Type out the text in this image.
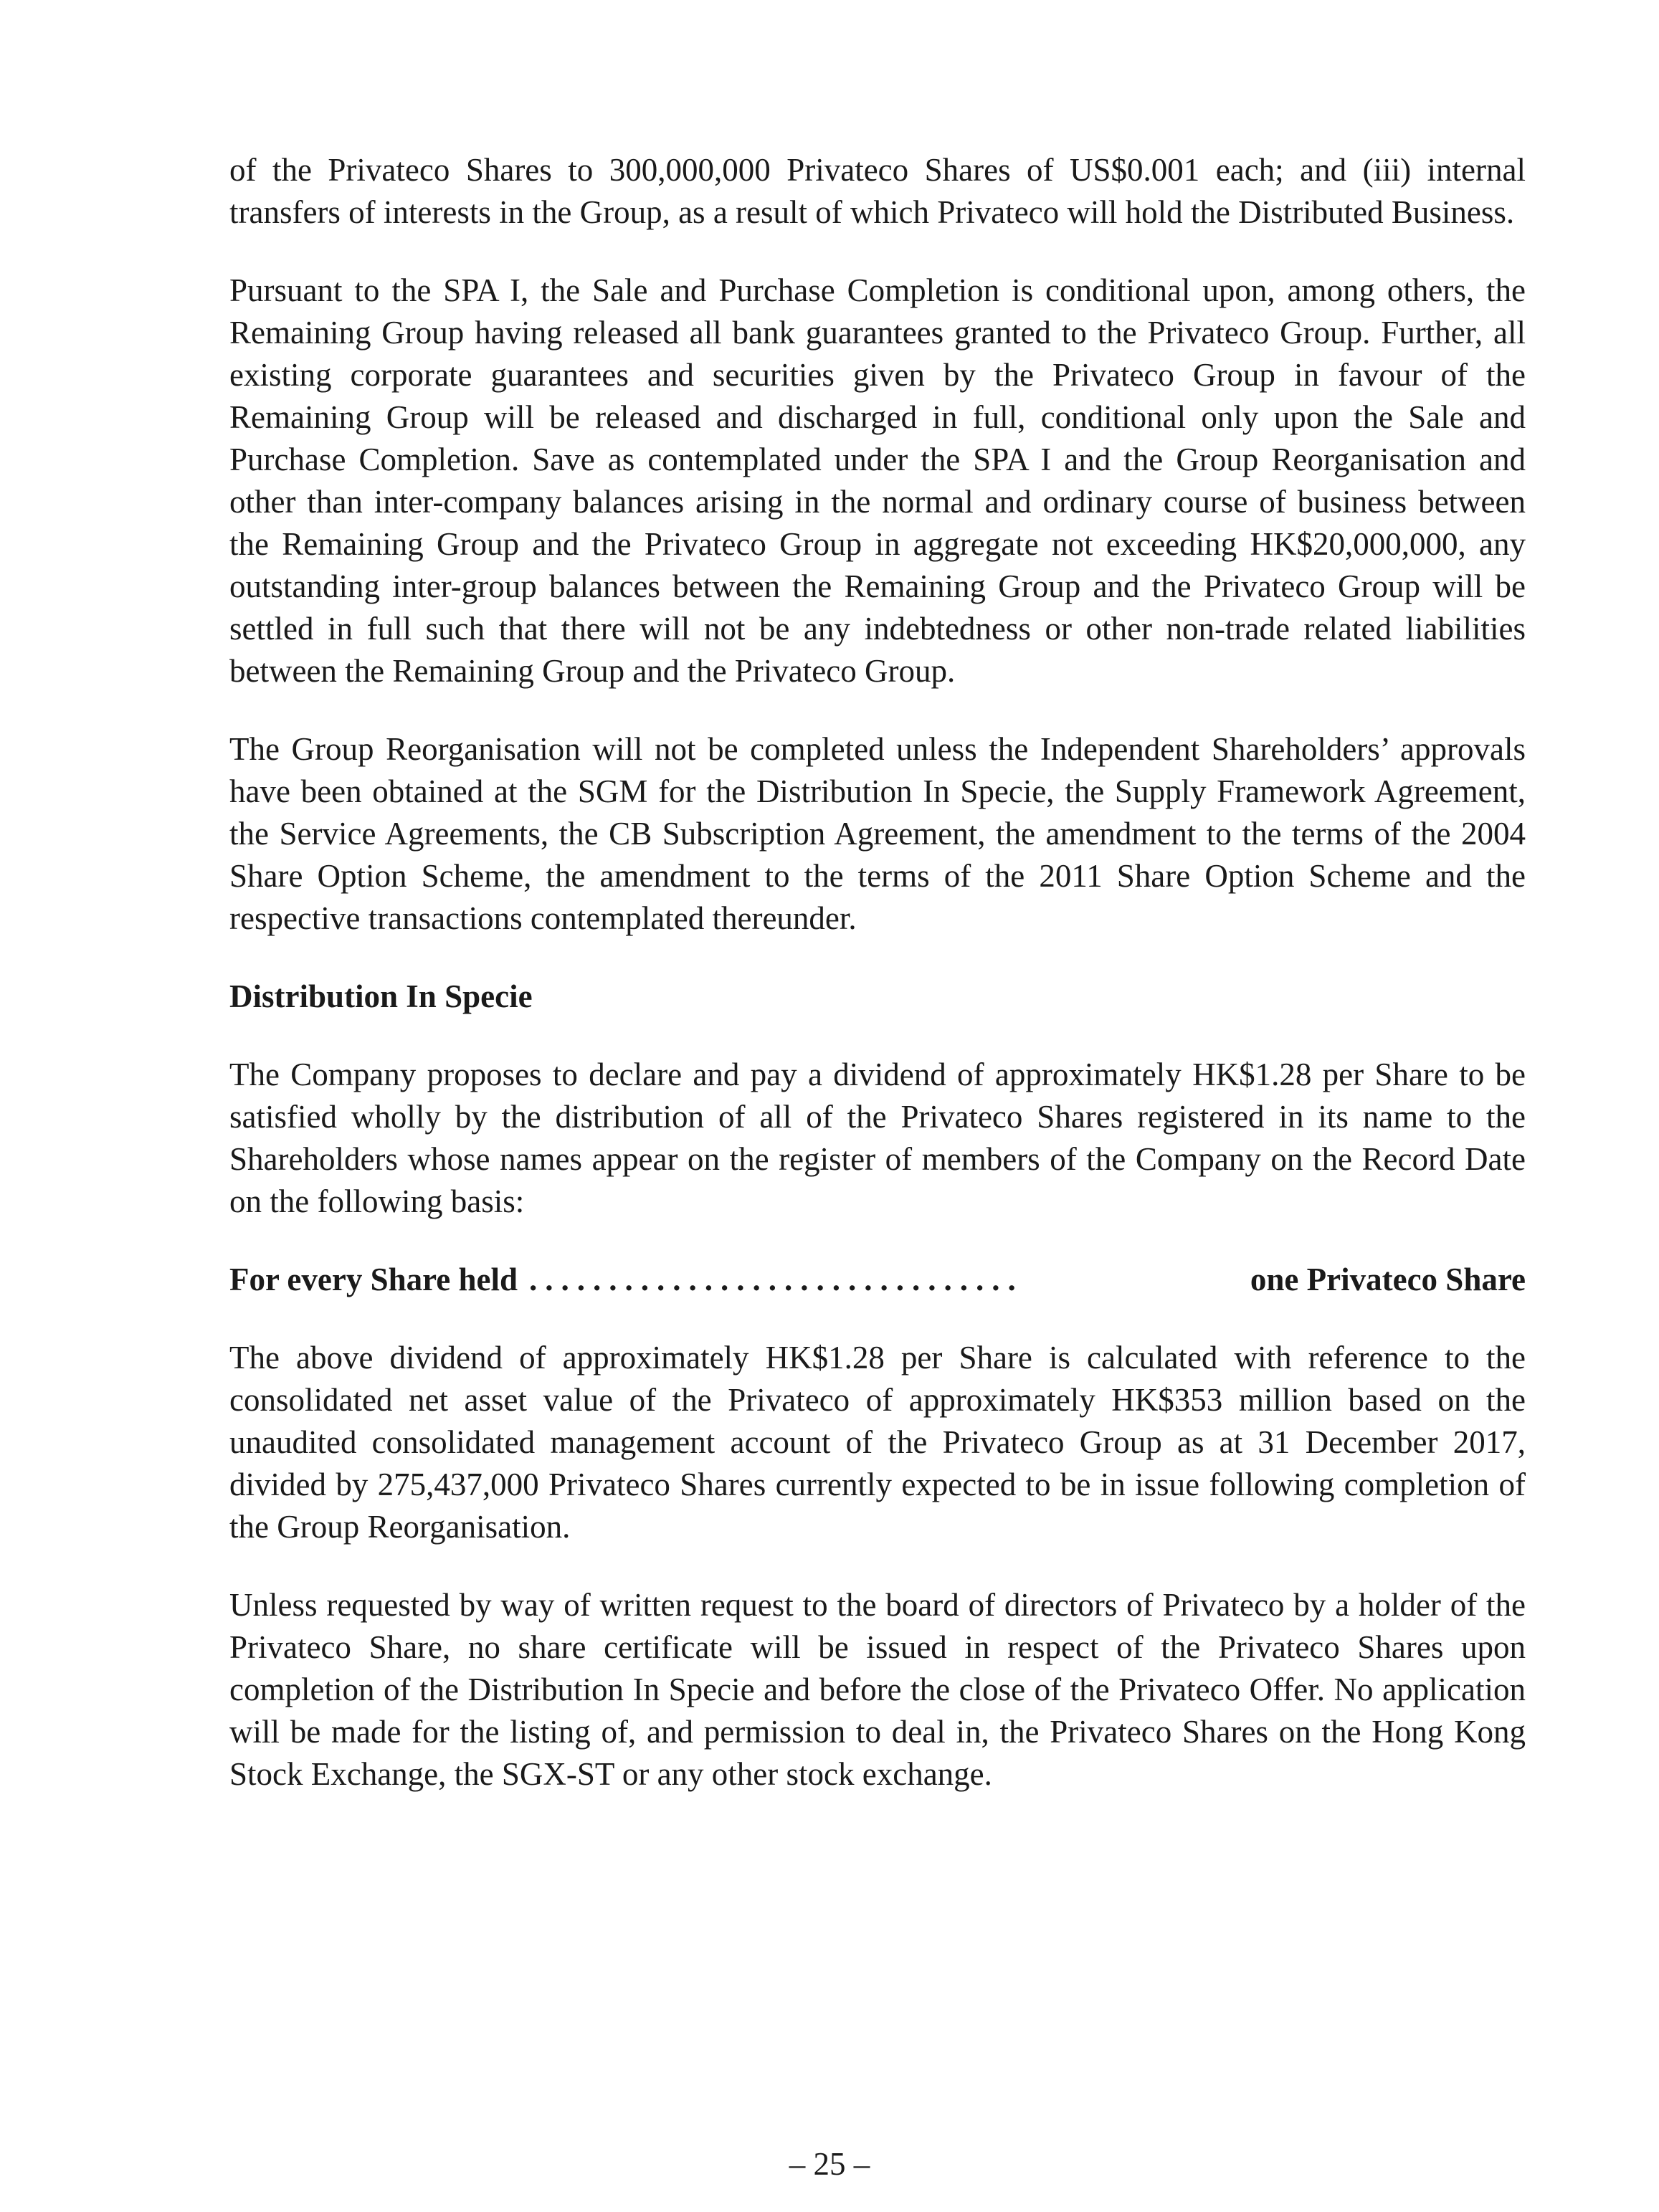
of the Privateco Shares to 300,000,000 Privateco Shares of US$0.001 each; and (iii) internal transfers of interests in the Group, as a result of which Privateco will hold the Distributed Business.

Pursuant to the SPA I, the Sale and Purchase Completion is conditional upon, among others, the Remaining Group having released all bank guarantees granted to the Privateco Group. Further, all existing corporate guarantees and securities given by the Privateco Group in favour of the Remaining Group will be released and discharged in full, conditional only upon the Sale and Purchase Completion. Save as contemplated under the SPA I and the Group Reorganisation and other than inter-company balances arising in the normal and ordinary course of business between the Remaining Group and the Privateco Group in aggregate not exceeding HK$20,000,000, any outstanding inter-group balances between the Remaining Group and the Privateco Group will be settled in full such that there will not be any indebtedness or other non-trade related liabilities between the Remaining Group and the Privateco Group.

The Group Reorganisation will not be completed unless the Independent Shareholders’ approvals have been obtained at the SGM for the Distribution In Specie, the Supply Framework Agreement, the Service Agreements, the CB Subscription Agreement, the amendment to the terms of the 2004 Share Option Scheme, the amendment to the terms of the 2011 Share Option Scheme and the respective transactions contemplated thereunder.

Distribution In Specie

The Company proposes to declare and pay a dividend of approximately HK$1.28 per Share to be satisfied wholly by the distribution of all of the Privateco Shares registered in its name to the Shareholders whose names appear on the register of members of the Company on the Record Date on the following basis:

For every Share held ...............................	one Privateco Share

The above dividend of approximately HK$1.28 per Share is calculated with reference to the consolidated net asset value of the Privateco of approximately HK$353 million based on the unaudited consolidated management account of the Privateco Group as at 31 December 2017, divided by 275,437,000 Privateco Shares currently expected to be in issue following completion of the Group Reorganisation.

Unless requested by way of written request to the board of directors of Privateco by a holder of the Privateco Share, no share certificate will be issued in respect of the Privateco Shares upon completion of the Distribution In Specie and before the close of the Privateco Offer. No application will be made for the listing of, and permission to deal in, the Privateco Shares on the Hong Kong Stock Exchange, the SGX-ST or any other stock exchange.

– 25 –
